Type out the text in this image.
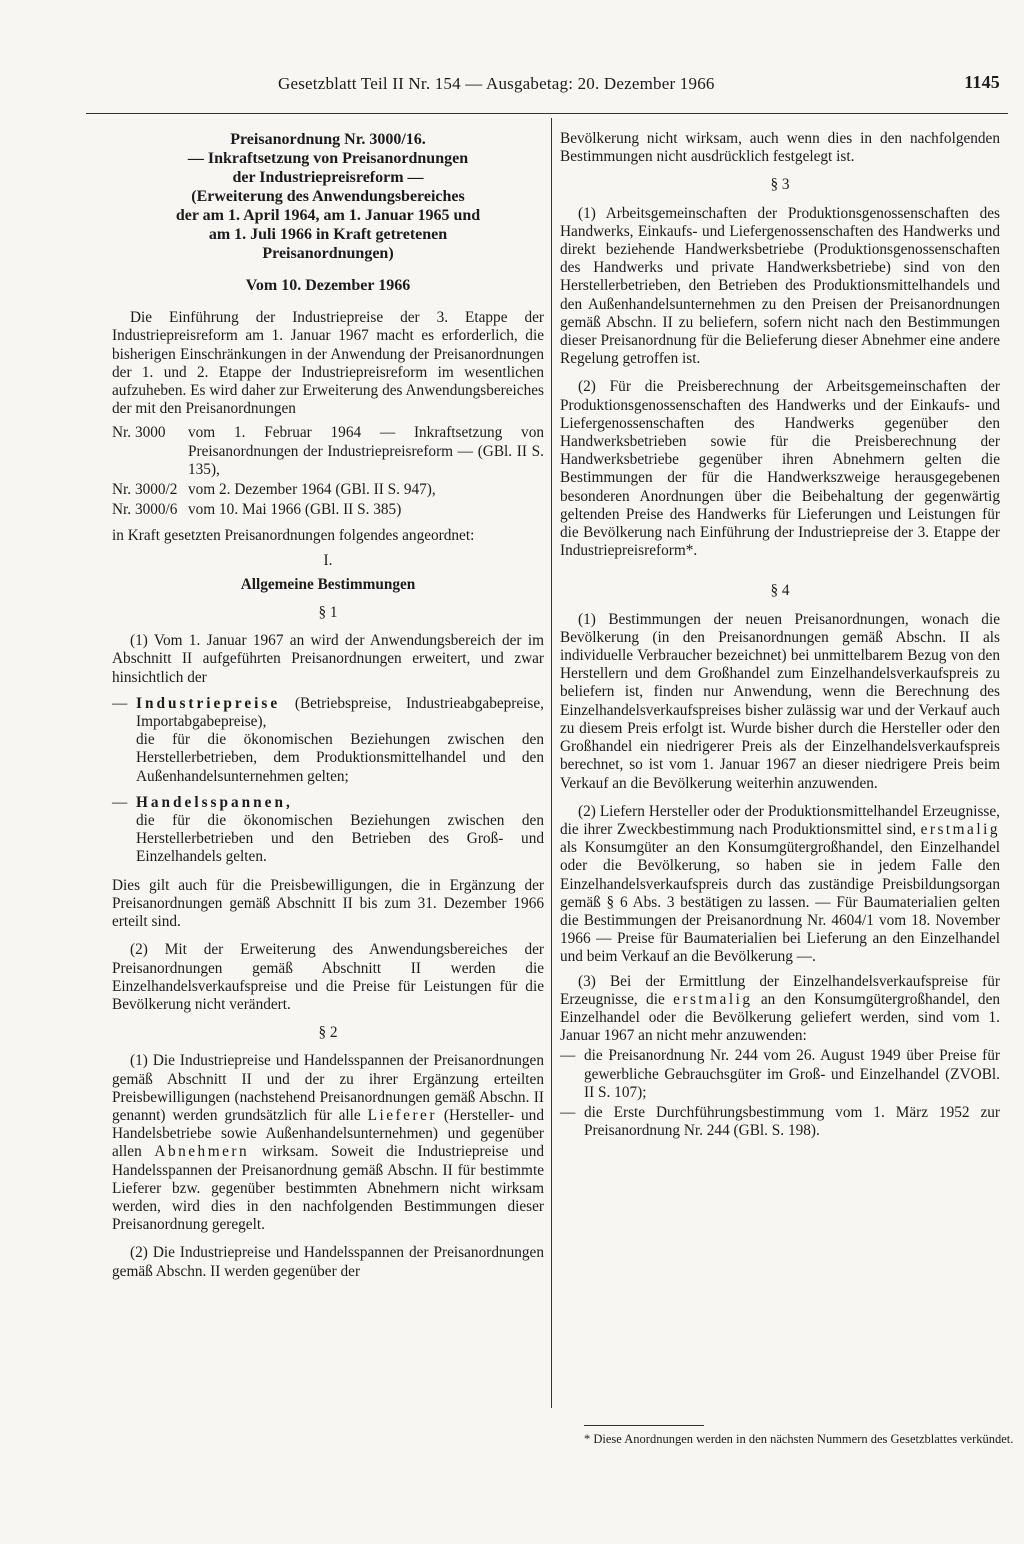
Gesetzblatt Teil II Nr. 154 — Ausgabetag: 20. Dezember 1966	1145
Preisanordnung Nr. 3000/16.
— Inkraftsetzung von Preisanordnungen
der Industriepreisreform —
(Erweiterung des Anwendungsbereiches
der am 1. April 1964, am 1. Januar 1965 und
am 1. Juli 1966 in Kraft getretenen
Preisanordnungen)
Vom 10. Dezember 1966

Die Einführung der Industriepreise der 3. Etappe der Industriepreisreform am 1. Januar 1967 macht es erforderlich, die bisherigen Einschränkungen in der Anwendung der Preisanordnungen der 1. und 2. Etappe der Industriepreisreform im wesentlichen aufzuheben. Es wird daher zur Erweiterung des Anwendungsbereiches der mit den Preisanordnungen

Nr. 3000	vom 1. Februar 1964 — Inkraftsetzung von Preisanordnungen der Industriepreisreform — (GBl. II S. 135),
Nr. 3000/2	vom 2. Dezember 1964 (GBl. II S. 947),
Nr. 3000/6	vom 10. Mai 1966 (GBl. II S. 385)

in Kraft gesetzten Preisanordnungen folgendes angeordnet:

I.
Allgemeine Bestimmungen
§ 1

(1) Vom 1. Januar 1967 an wird der Anwendungsbereich der im Abschnitt II aufgeführten Preisanordnungen erweitert, und zwar hinsichtlich der

— Industriepreise (Betriebspreise, Industrieabgabepreise, Importabgabepreise),

die für die ökonomischen Beziehungen zwischen den Herstellerbetrieben, dem Produktionsmittelhandel und den Außenhandelsunternehmen gelten;

— Handelsspannen,

die für die ökonomischen Beziehungen zwischen den Herstellerbetrieben und den Betrieben des Groß- und Einzelhandels gelten.

Dies gilt auch für die Preisbewilligungen, die in Ergänzung der Preisanordnungen gemäß Abschnitt II bis zum 31. Dezember 1966 erteilt sind.

(2) Mit der Erweiterung des Anwendungsbereiches der Preisanordnungen gemäß Abschnitt II werden die Einzelhandelsverkaufspreise und die Preise für Leistungen für die Bevölkerung nicht verändert.

§ 2

(1) Die Industriepreise und Handelsspannen der Preisanordnungen gemäß Abschnitt II und der zu ihrer Ergänzung erteilten Preisbewilligungen (nachstehend Preisanordnungen gemäß Abschn. II genannt) werden grundsätzlich für alle Lieferer (Hersteller- und Handelsbetriebe sowie Außenhandelsunternehmen) und gegenüber allen Abnehmern wirksam. Soweit die Industriepreise und Handelsspannen der Preisanordnung gemäß Abschn. II für bestimmte Lieferer bzw. gegenüber bestimmten Abnehmern nicht wirksam werden, wird dies in den nachfolgenden Bestimmungen dieser Preisanordnung geregelt.

(2) Die Industriepreise und Handelsspannen der Preisanordnungen gemäß Abschn. II werden gegenüber der

Bevölkerung nicht wirksam, auch wenn dies in den nachfolgenden Bestimmungen nicht ausdrücklich festgelegt ist.

§ 3

(1) Arbeitsgemeinschaften der Produktionsgenossenschaften des Handwerks, Einkaufs- und Liefergenossenschaften des Handwerks und direkt beziehende Handwerksbetriebe (Produktionsgenossenschaften des Handwerks und private Handwerksbetriebe) sind von den Herstellerbetrieben, den Betrieben des Produktionsmittelhandels und den Außenhandelsunternehmen zu den Preisen der Preisanordnungen gemäß Abschn. II zu beliefern, sofern nicht nach den Bestimmungen dieser Preisanordnung für die Belieferung dieser Abnehmer eine andere Regelung getroffen ist.

(2) Für die Preisberechnung der Arbeitsgemeinschaften der Produktionsgenossenschaften des Handwerks und der Einkaufs- und Liefergenossenschaften des Handwerks gegenüber den Handwerksbetrieben sowie für die Preisberechnung der Handwerksbetriebe gegenüber ihren Abnehmern gelten die Bestimmungen der für die Handwerkszweige herausgegebenen besonderen Anordnungen über die Beibehaltung der gegenwärtig geltenden Preise des Handwerks für Lieferungen und Leistungen für die Bevölkerung nach Einführung der Industriepreise der 3. Etappe der Industriepreisreform*.

§ 4

(1) Bestimmungen der neuen Preisanordnungen, wonach die Bevölkerung (in den Preisanordnungen gemäß Abschn. II als individuelle Verbraucher bezeichnet) bei unmittelbarem Bezug von den Herstellern und dem Großhandel zum Einzelhandelsverkaufspreis zu beliefern ist, finden nur Anwendung, wenn die Berechnung des Einzelhandelsverkaufspreises bisher zulässig war und der Verkauf auch zu diesem Preis erfolgt ist. Wurde bisher durch die Hersteller oder den Großhandel ein niedrigerer Preis als der Einzelhandelsverkaufspreis berechnet, so ist vom 1. Januar 1967 an dieser niedrigere Preis beim Verkauf an die Bevölkerung weiterhin anzuwenden.

(2) Liefern Hersteller oder der Produktionsmittelhandel Erzeugnisse, die ihrer Zweckbestimmung nach Produktionsmittel sind, erstmalig als Konsumgüter an den Konsumgütergroßhandel, den Einzelhandel oder die Bevölkerung, so haben sie in jedem Falle den Einzelhandelsverkaufspreis durch das zuständige Preisbildungsorgan gemäß § 6 Abs. 3 bestätigen zu lassen. — Für Baumaterialien gelten die Bestimmungen der Preisanordnung Nr. 4604/1 vom 18. November 1966 — Preise für Baumaterialien bei Lieferung an den Einzelhandel und beim Verkauf an die Bevölkerung —.

(3) Bei der Ermittlung der Einzelhandelsverkaufspreise für Erzeugnisse, die erstmalig an den Konsumgütergroßhandel, den Einzelhandel oder die Bevölkerung geliefert werden, sind vom 1. Januar 1967 an nicht mehr anzuwenden:

— die Preisanordnung Nr. 244 vom 26. August 1949 über Preise für gewerbliche Gebrauchsgüter im Groß- und Einzelhandel (ZVOBl. II S. 107);
— die Erste Durchführungsbestimmung vom 1. März 1952 zur Preisanordnung Nr. 244 (GBl. S. 198).
* Diese Anordnungen werden in den nächsten Nummern des Gesetzblattes verkündet.
